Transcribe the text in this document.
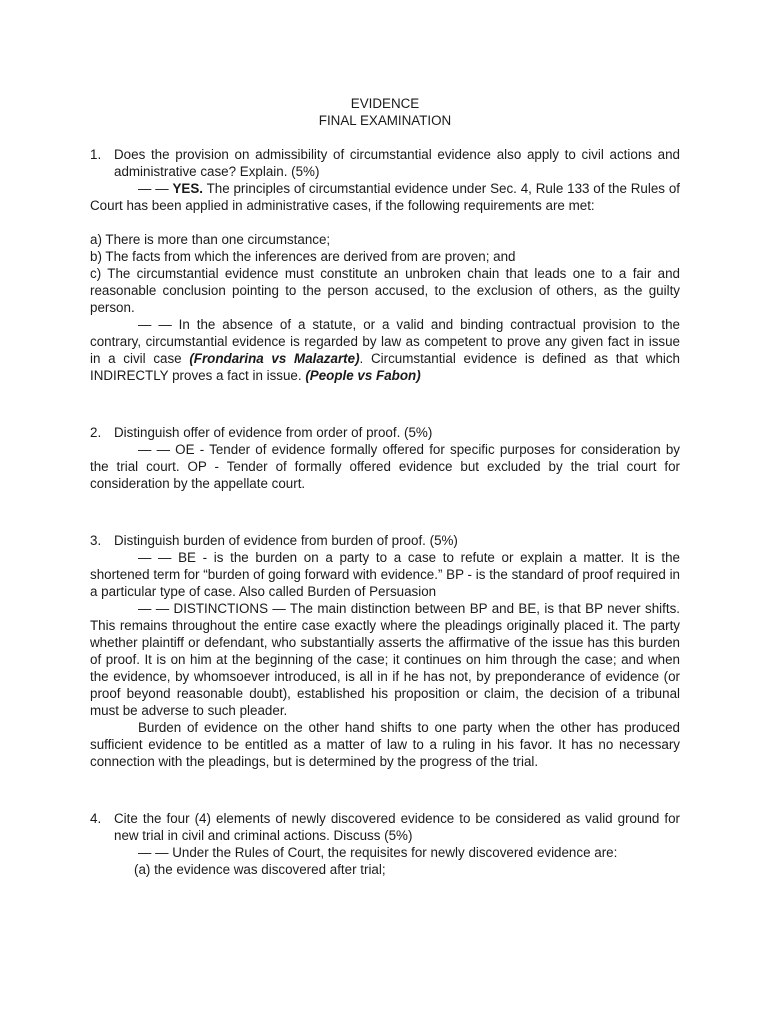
EVIDENCE

FINAL EXAMINATION

1. Does the provision on admissibility of circumstantial evidence also apply to civil actions and administrative case? Explain. (5%)

— — YES. The principles of circumstantial evidence under Sec. 4, Rule 133 of the Rules of Court has been applied in administrative cases, if the following requirements are met:

a) There is more than one circumstance;

b) The facts from which the inferences are derived from are proven; and

c) The circumstantial evidence must constitute an unbroken chain that leads one to a fair and reasonable conclusion pointing to the person accused, to the exclusion of others, as the guilty person.

— — In the absence of a statute, or a valid and binding contractual provision to the contrary, circumstantial evidence is regarded by law as competent to prove any given fact in issue in a civil case (Frondarina vs Malazarte). Circumstantial evidence is defined as that which INDIRECTLY proves a fact in issue. (People vs Fabon)

2. Distinguish offer of evidence from order of proof. (5%)

— — OE - Tender of evidence formally offered for specific purposes for consideration by the trial court. OP - Tender of formally offered evidence but excluded by the trial court for consideration by the appellate court.

3. Distinguish burden of evidence from burden of proof. (5%)

— — BE - is the burden on a party to a case to refute or explain a matter. It is the shortened term for “burden of going forward with evidence.” BP - is the standard of proof required in a particular type of case. Also called Burden of Persuasion

— — DISTINCTIONS — The main distinction between BP and BE, is that BP never shifts. This remains throughout the entire case exactly where the pleadings originally placed it. The party whether plaintiff or defendant, who substantially asserts the affirmative of the issue has this burden of proof. It is on him at the beginning of the case; it continues on him through the case; and when the evidence, by whomsoever introduced, is all in if he has not, by preponderance of evidence (or proof beyond reasonable doubt), established his proposition or claim, the decision of a tribunal must be adverse to such pleader.

Burden of evidence on the other hand shifts to one party when the other has produced sufficient evidence to be entitled as a matter of law to a ruling in his favor. It has no necessary connection with the pleadings, but is determined by the progress of the trial.

4. Cite the four (4) elements of newly discovered evidence to be considered as valid ground for new trial in civil and criminal actions. Discuss (5%)

— — Under the Rules of Court, the requisites for newly discovered evidence are:

(a) the evidence was discovered after trial;
